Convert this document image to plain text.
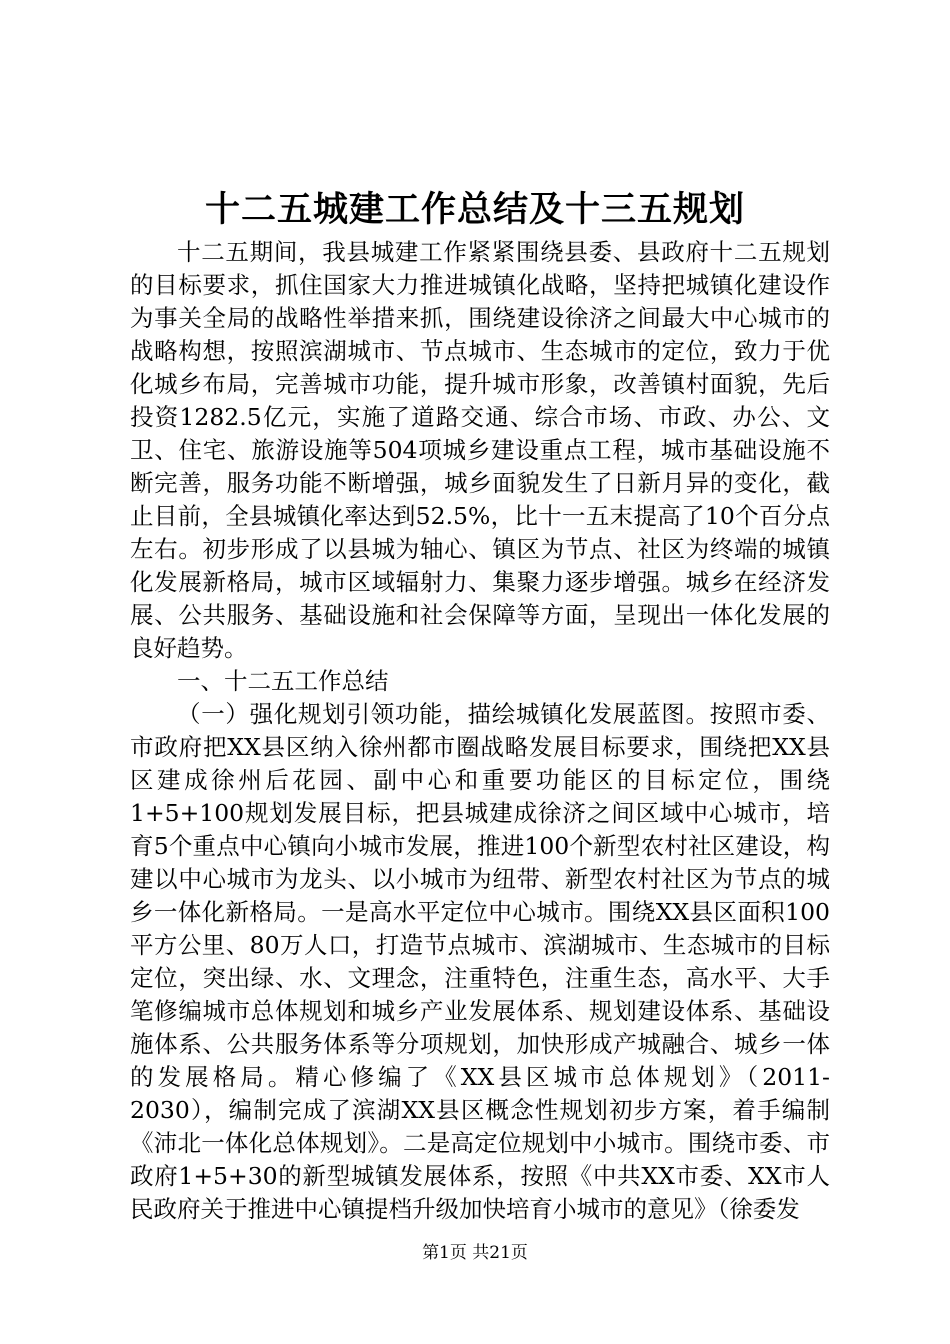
十二五城建工作总结及十三五规划

十二五期间，我县城建工作紧紧围绕县委、县政府十二五规划的目标要求，抓住国家大力推进城镇化战略，坚持把城镇化建设作为事关全局的战略性举措来抓，围绕建设徐济之间最大中心城市的战略构想，按照滨湖城市、节点城市、生态城市的定位，致力于优化城乡布局，完善城市功能，提升城市形象，改善镇村面貌，先后投资1282.5亿元，实施了道路交通、综合市场、市政、办公、文卫、住宅、旅游设施等504项城乡建设重点工程，城市基础设施不断完善，服务功能不断增强，城乡面貌发生了日新月异的变化，截止目前，全县城镇化率达到52.5%，比十一五末提高了10个百分点左右。初步形成了以县城为轴心、镇区为节点、社区为终端的城镇化发展新格局，城市区域辐射力、集聚力逐步增强。城乡在经济发展、公共服务、基础设施和社会保障等方面，呈现出一体化发展的良好趋势。

一、十二五工作总结

（一）强化规划引领功能，描绘城镇化发展蓝图。按照市委、市政府把XX县区纳入徐州都市圈战略发展目标要求，围绕把XX县区建成徐州后花园、副中心和重要功能区的目标定位，围绕1+5+100规划发展目标，把县城建成徐济之间区域中心城市，培育5个重点中心镇向小城市发展，推进100个新型农村社区建设，构建以中心城市为龙头、以小城市为纽带、新型农村社区为节点的城乡一体化新格局。一是高水平定位中心城市。围绕XX县区面积100平方公里、80万人口，打造节点城市、滨湖城市、生态城市的目标定位，突出绿、水、文理念，注重特色，注重生态，高水平、大手笔修编城市总体规划和城乡产业发展体系、规划建设体系、基础设施体系、公共服务体系等分项规划，加快形成产城融合、城乡一体的发展格局。精心修编了《XX县区城市总体规划》（2011-2030），编制完成了滨湖XX县区概念性规划初步方案，着手编制《沛北一体化总体规划》。二是高定位规划中小城市。围绕市委、市政府1+5+30的新型城镇发展体系，按照《中共XX市委、XX市人民政府关于推进中心镇提档升级加快培育小城市的意见》（徐委发

第1页 共21页
